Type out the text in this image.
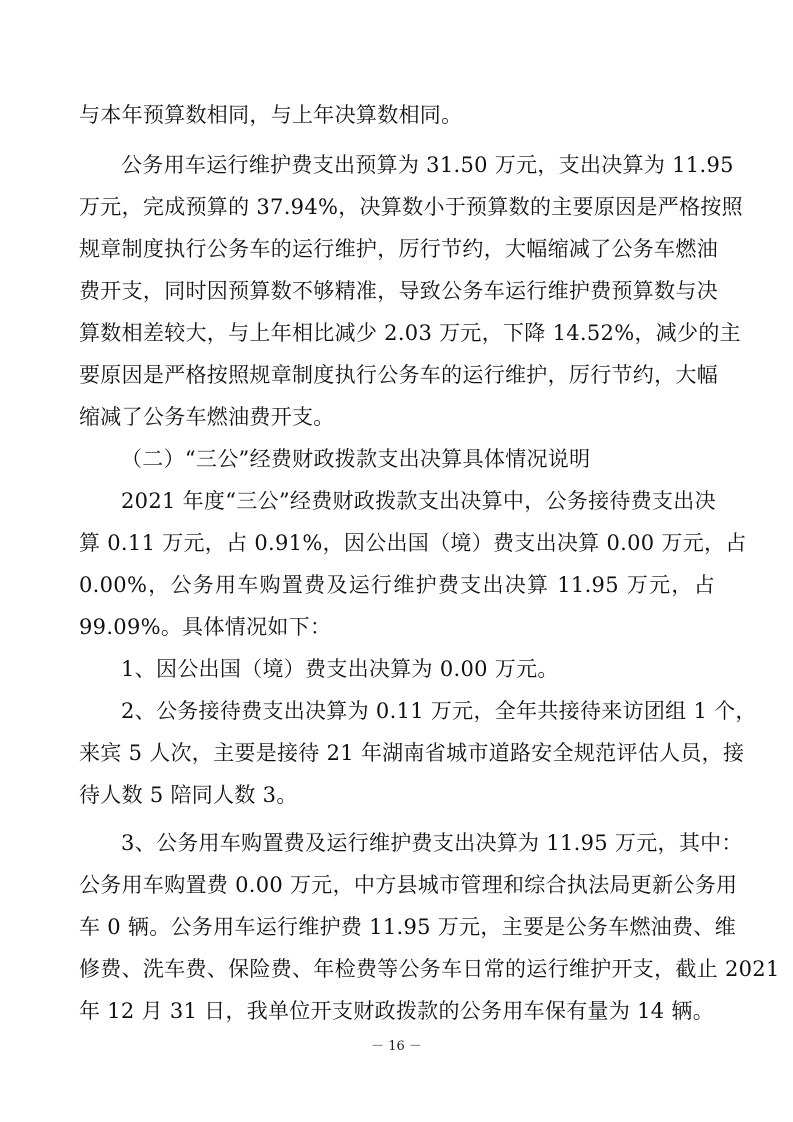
与本年预算数相同，与上年决算数相同。
公务用车运行维护费支出预算为 31.50 万元，支出决算为 11.95
万元，完成预算的 37.94%，决算数小于预算数的主要原因是严格按照
规章制度执行公务车的运行维护，厉行节约，大幅缩减了公务车燃油
费开支，同时因预算数不够精准，导致公务车运行维护费预算数与决
算数相差较大，与上年相比减少 2.03 万元，下降 14.52%，减少的主
要原因是严格按照规章制度执行公务车的运行维护，厉行节约，大幅
缩减了公务车燃油费开支。
（二）“三公”经费财政拨款支出决算具体情况说明
2021 年度“三公”经费财政拨款支出决算中，公务接待费支出决
算 0.11 万元，占 0.91%，因公出国（境）费支出决算 0.00 万元，占
0.00%，公务用车购置费及运行维护费支出决算 11.95 万元，占
99.09%。具体情况如下：
1、因公出国（境）费支出决算为 0.00 万元。
2、公务接待费支出决算为 0.11 万元，全年共接待来访团组 1 个，
来宾 5 人次，主要是接待 21 年湖南省城市道路安全规范评估人员，接
待人数 5 陪同人数 3。
3、公务用车购置费及运行维护费支出决算为 11.95 万元，其中：
公务用车购置费 0.00 万元，中方县城市管理和综合执法局更新公务用
车 0 辆。公务用车运行维护费 11.95 万元，主要是公务车燃油费、维
修费、洗车费、保险费、年检费等公务车日常的运行维护开支，截止 2021
年 12 月 31 日，我单位开支财政拨款的公务用车保有量为 14 辆。
－ 16 －
